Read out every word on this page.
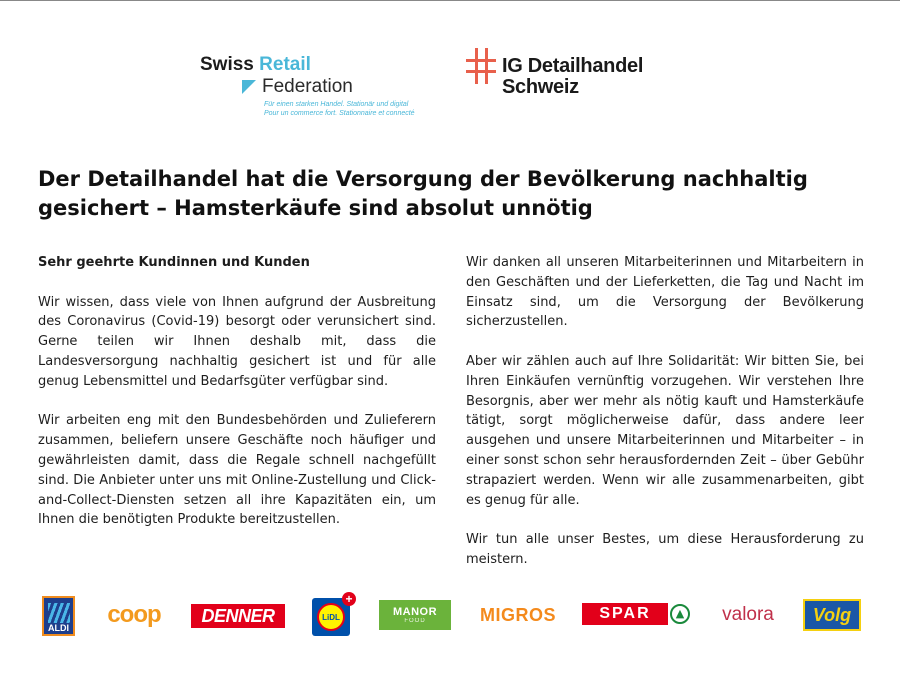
Swiss Retail
Federation
Für einen starken Handel. Stationär und digital
Pour un commerce fort. Stationnaire et connecté
IG Detailhandel
Schweiz
Der Detailhandel hat die Versorgung der Bevölkerung nachhaltig gesichert – Hamsterkäufe sind absolut unnötig

Sehr geehrte Kundinnen und Kunden

Wir wissen, dass viele von Ihnen aufgrund der Ausbreitung des Coronavirus (Covid-19) besorgt oder verunsichert sind. Gerne teilen wir Ihnen deshalb mit, dass die Landesversorgung nachhaltig gesichert ist und für alle genug Lebensmittel und Bedarfsgüter verfügbar sind.

Wir arbeiten eng mit den Bundesbehörden und Zulieferern zusammen, beliefern unsere Geschäfte noch häufiger und gewährleisten damit, dass die Regale schnell nachgefüllt sind. Die Anbieter unter uns mit Online-Zustellung und Click-and-Collect-Diensten setzen all ihre Kapazitäten ein, um Ihnen die benötigten Produkte bereitzustellen.

Wir danken all unseren Mitarbeiterinnen und Mitarbeitern in den Geschäften und der Lieferketten, die Tag und Nacht im Einsatz sind, um die Versorgung der Bevölkerung sicherzustellen.

Aber wir zählen auch auf Ihre Solidarität: Wir bitten Sie, bei Ihren Einkäufen vernünftig vorzugehen. Wir verstehen Ihre Besorgnis, aber wer mehr als nötig kauft und Hamsterkäufe tätigt, sorgt möglicherweise dafür, dass andere leer ausgehen und unsere Mitarbeiterinnen und Mitarbeiter – in einer sonst schon sehr herausfordernden Zeit – über Gebühr strapaziert werden. Wenn wir alle zusammenarbeiten, gibt es genug für alle.

Wir tun alle unser Bestes, um diese Herausforderung zu meistern.

ALDI	coop	DENNER	LiDL
+
MANOR
FOOD	MIGROS	SPAR	▲	valora	Volg
